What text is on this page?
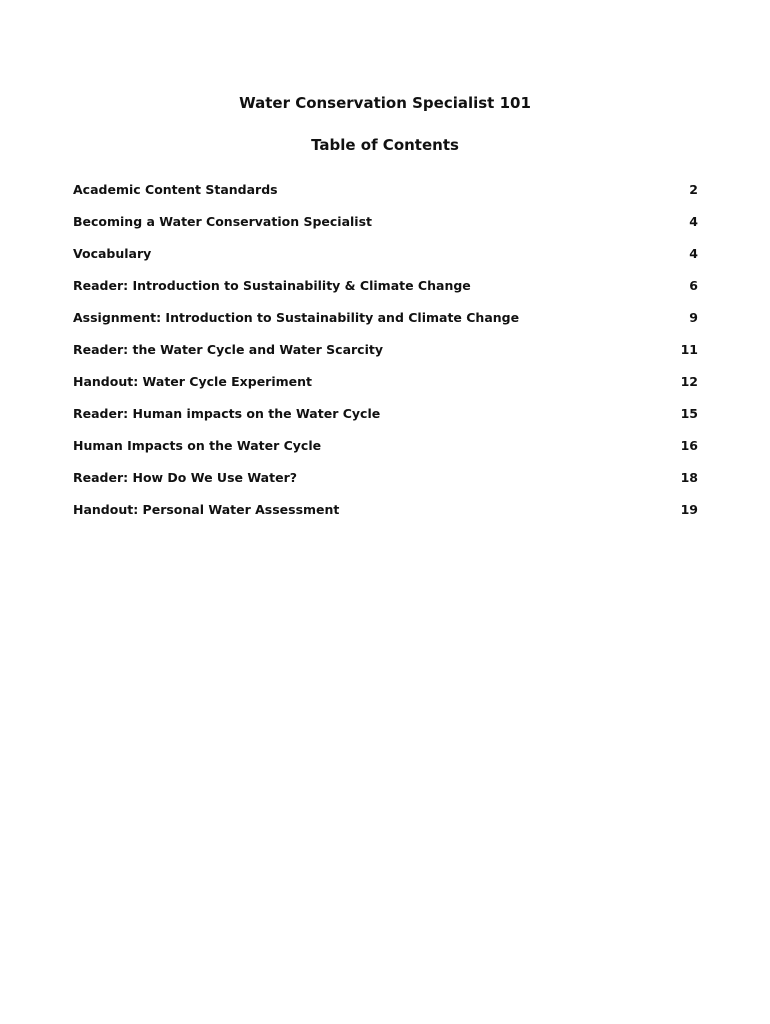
Water Conservation Specialist 101
Table of Contents
Academic Content Standards	2
Becoming a Water Conservation Specialist	4
Vocabulary	4
Reader: Introduction to Sustainability & Climate Change	6
Assignment: Introduction to Sustainability and Climate Change	9
Reader: the Water Cycle and Water Scarcity	11
Handout: Water Cycle Experiment	12
Reader: Human impacts on the Water Cycle	15
Human Impacts on the Water Cycle	16
Reader: How Do We Use Water?	18
Handout: Personal Water Assessment	19
